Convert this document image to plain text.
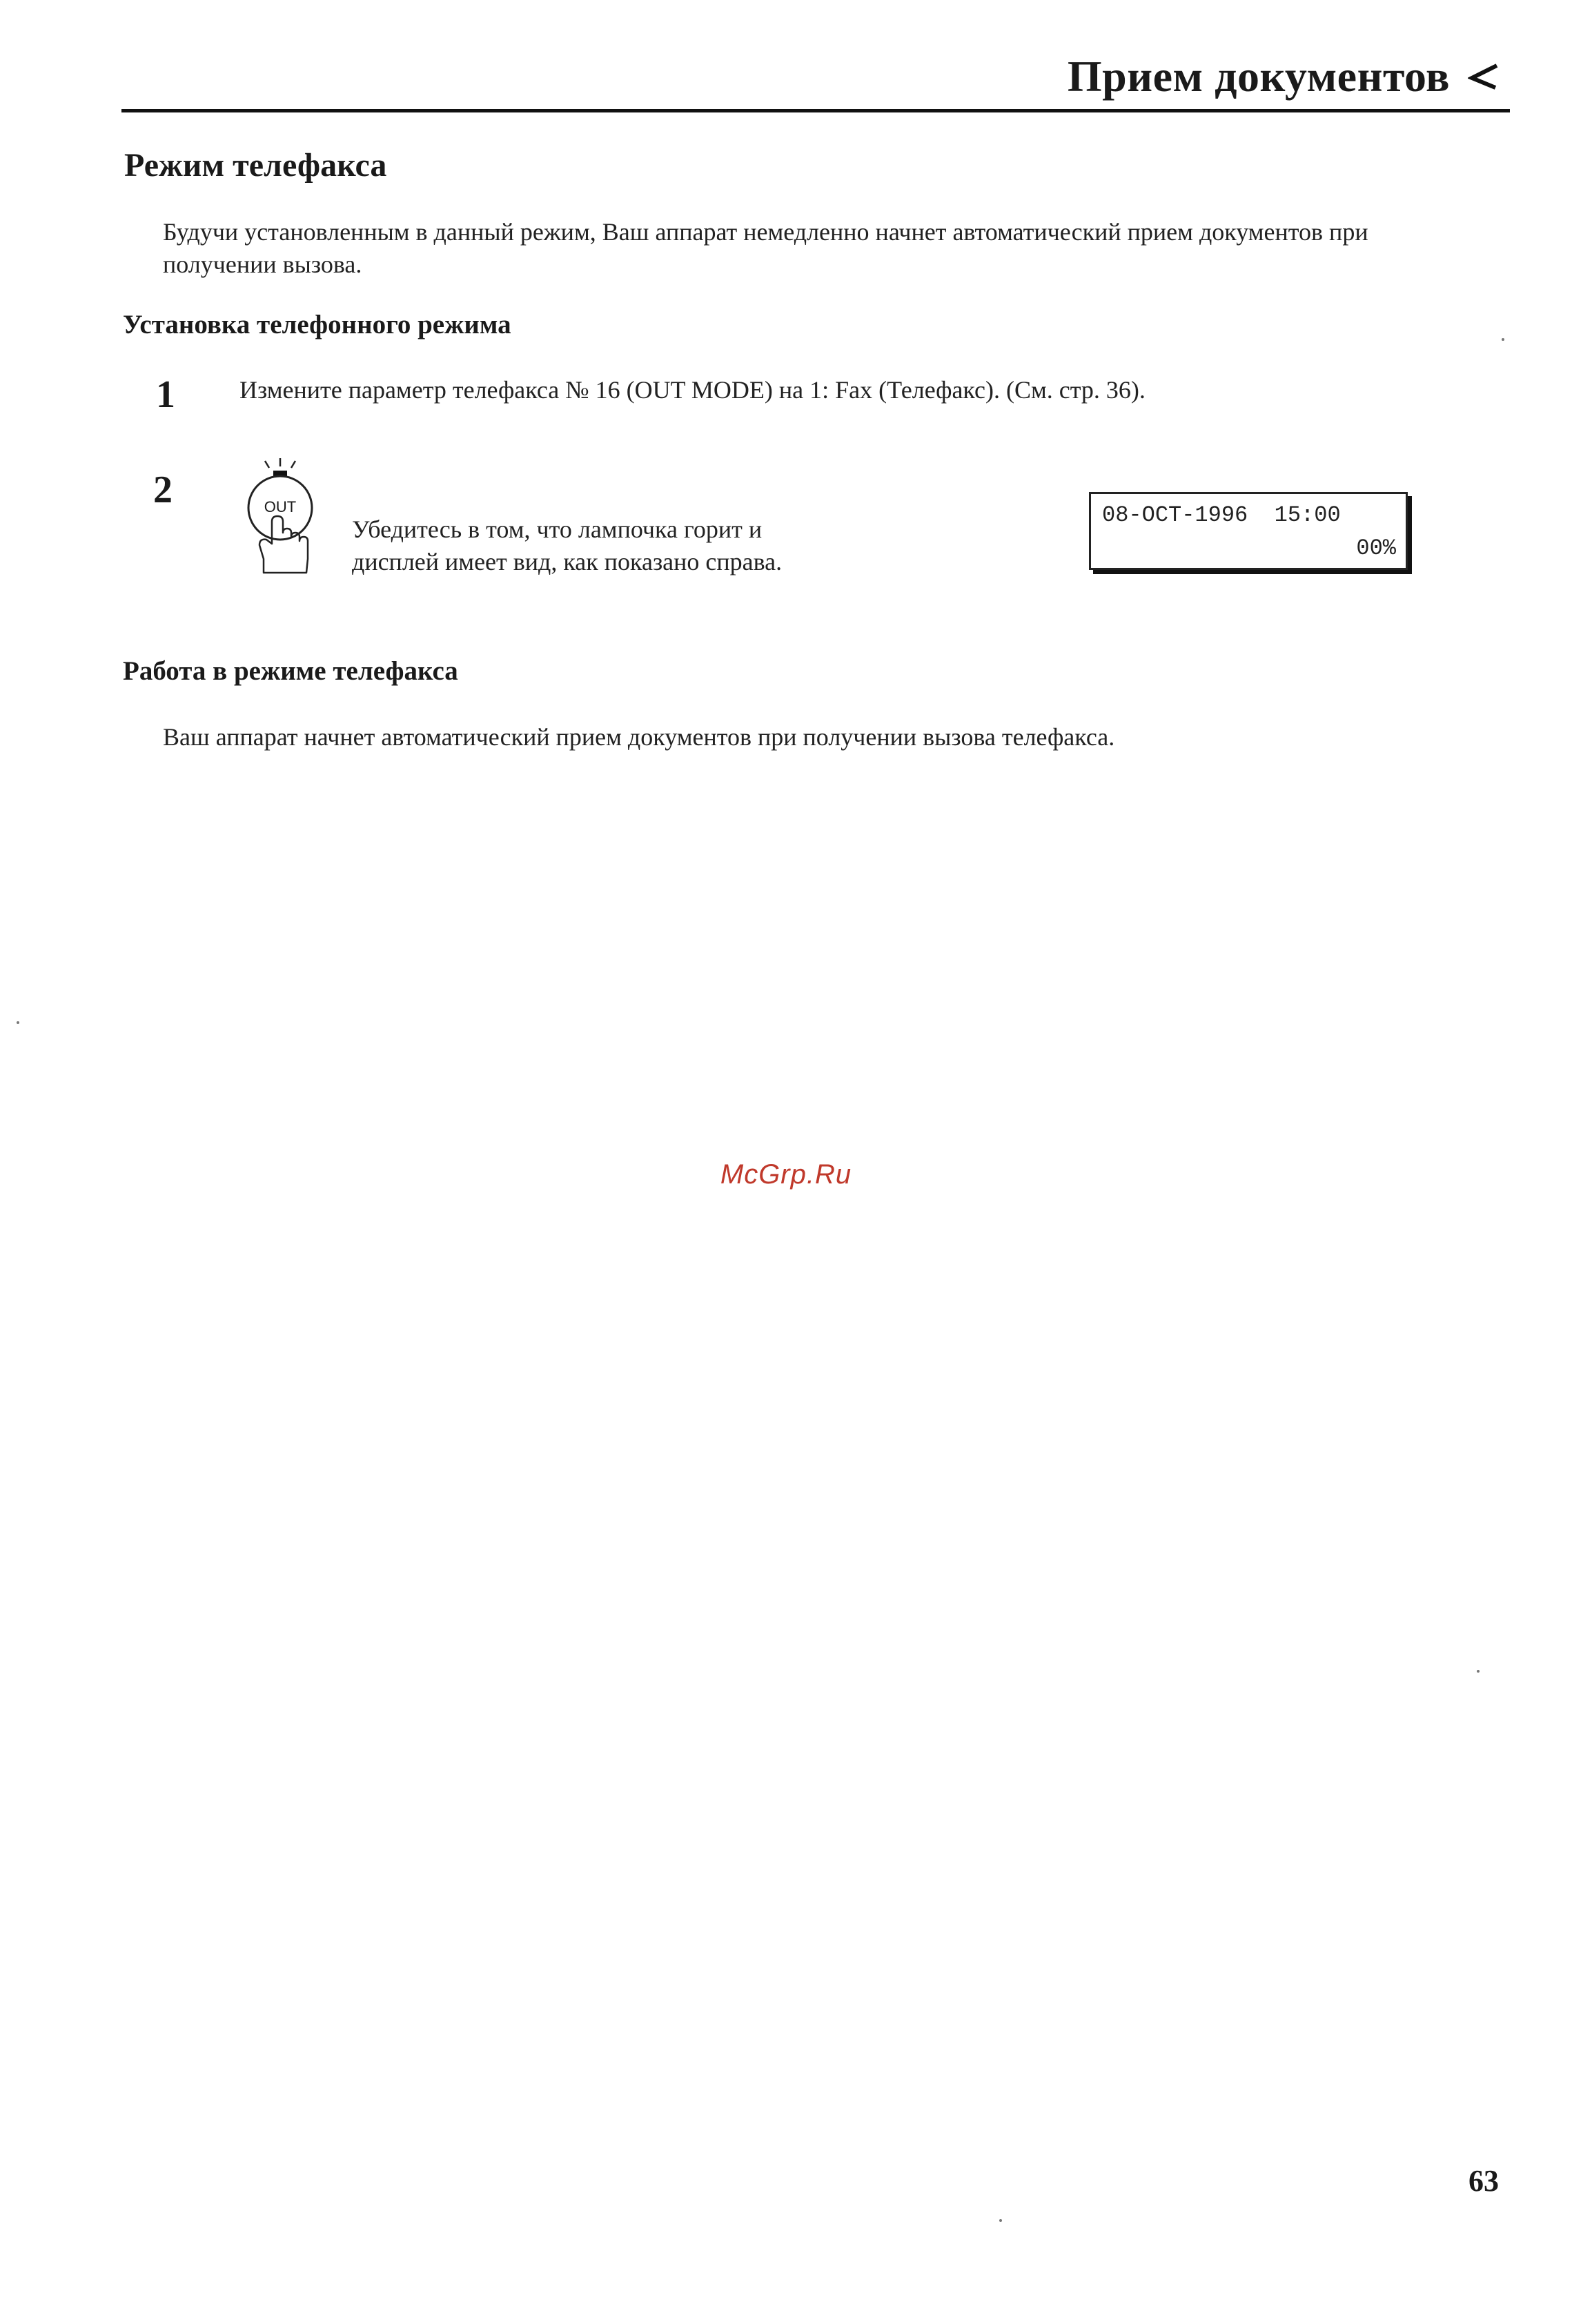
Прием документов
Режим телефакса
Будучи установленным в данный режим, Ваш аппарат немедленно начнет автоматический прием документов при получении вызова.
Установка телефонного режима
1	Измените параметр телефакса № 16 (OUT MODE) на 1: Fax (Телефакс). (См. стр. 36).
2	OUT
Убедитесь в том, что лампочка горит и
дисплей имеет вид, как показано справа.
08-OCT-1996  15:00
00%
Работа в режиме телефакса
Ваш аппарат начнет автоматический прием документов при получении вызова телефакса.
McGrp.Ru
63
